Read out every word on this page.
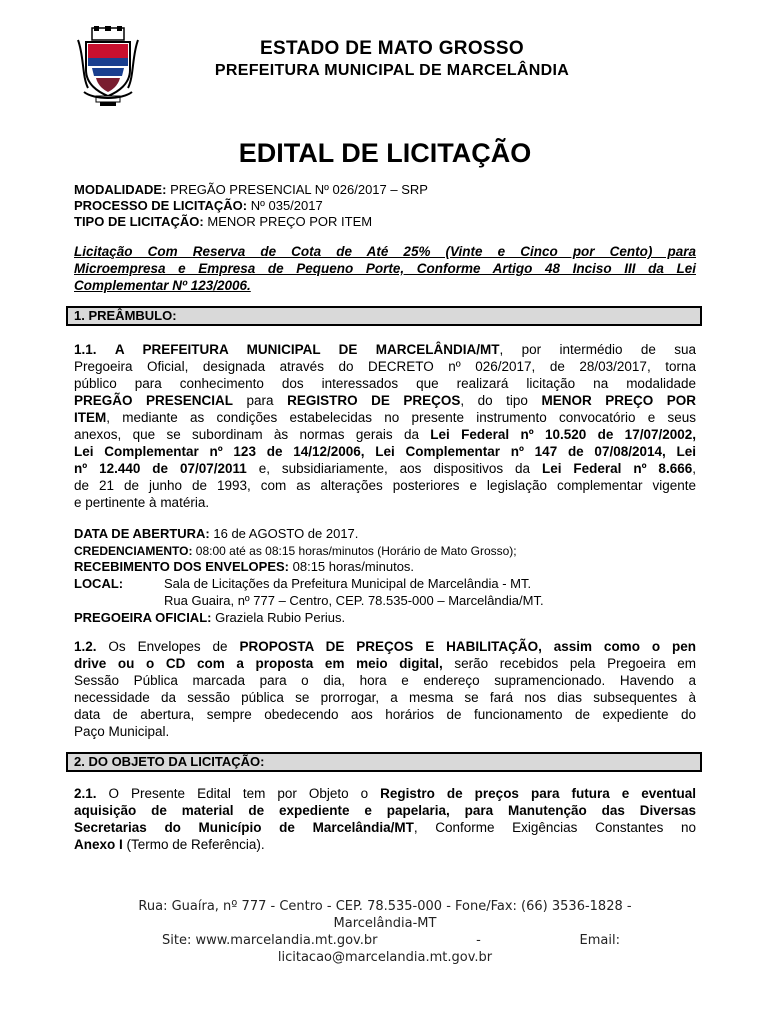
ESTADO DE MATO GROSSO
PREFEITURA MUNICIPAL DE MARCELÂNDIA
EDITAL DE LICITAÇÃO
MODALIDADE: PREGÃO PRESENCIAL Nº 026/2017 – SRP
PROCESSO DE LICITAÇÃO: Nº 035/2017
TIPO DE LICITAÇÃO: MENOR PREÇO POR ITEM
Licitação Com Reserva de Cota de Até 25% (Vinte e Cinco por Cento) para
Microempresa e Empresa de Pequeno Porte, Conforme Artigo 48 Inciso III da Lei
Complementar Nº 123/2006.
1. PREÂMBULO:
1.1. A PREFEITURA MUNICIPAL DE MARCELÂNDIA/MT, por intermédio de sua
Pregoeira Oficial, designada através do DECRETO nº 026/2017, de 28/03/2017, torna
público para conhecimento dos interessados que realizará licitação na modalidade
PREGÃO PRESENCIAL para REGISTRO DE PREÇOS, do tipo MENOR PREÇO POR
ITEM, mediante as condições estabelecidas no presente instrumento convocatório e seus
anexos, que se subordinam às normas gerais da Lei Federal nº 10.520 de 17/07/2002,
Lei Complementar nº 123 de 14/12/2006, Lei Complementar nº 147 de 07/08/2014, Lei
nº 12.440 de 07/07/2011 e, subsidiariamente, aos dispositivos da Lei Federal nº 8.666,
de 21 de junho de 1993, com as alterações posteriores e legislação complementar vigente
e pertinente à matéria.
DATA DE ABERTURA: 16 de AGOSTO de 2017.
CREDENCIAMENTO: 08:00 até as 08:15 horas/minutos (Horário de Mato Grosso);
RECEBIMENTO DOS ENVELOPES: 08:15 horas/minutos.
LOCAL:	Sala de Licitações da Prefeitura Municipal de Marcelândia - MT.
Rua Guaira, nº 777 – Centro, CEP. 78.535-000 – Marcelândia/MT.
PREGOEIRA OFICIAL: Graziela Rubio Perius.
1.2. Os Envelopes de PROPOSTA DE PREÇOS E HABILITAÇÃO, assim como o pen
drive ou o CD com a proposta em meio digital, serão recebidos pela Pregoeira em
Sessão Pública marcada para o dia, hora e endereço supramencionado. Havendo a
necessidade da sessão pública se prorrogar, a mesma se fará nos dias subsequentes à
data de abertura, sempre obedecendo aos horários de funcionamento de expediente do
Paço Municipal.
2. DO OBJETO DA LICITAÇÃO:
2.1. O Presente Edital tem por Objeto o Registro de preços para futura e eventual
aquisição de material de expediente e papelaria, para Manutenção das Diversas
Secretarias do Município de Marcelândia/MT, Conforme Exigências Constantes no
Anexo I (Termo de Referência).
Rua: Guaíra, nº 777 - Centro - CEP. 78.535-000 - Fone/Fax: (66) 3536-1828 -
Marcelândia-MT
Site: www.marcelandia.mt.gov.br	-	Email:
licitacao@marcelandia.mt.gov.br
